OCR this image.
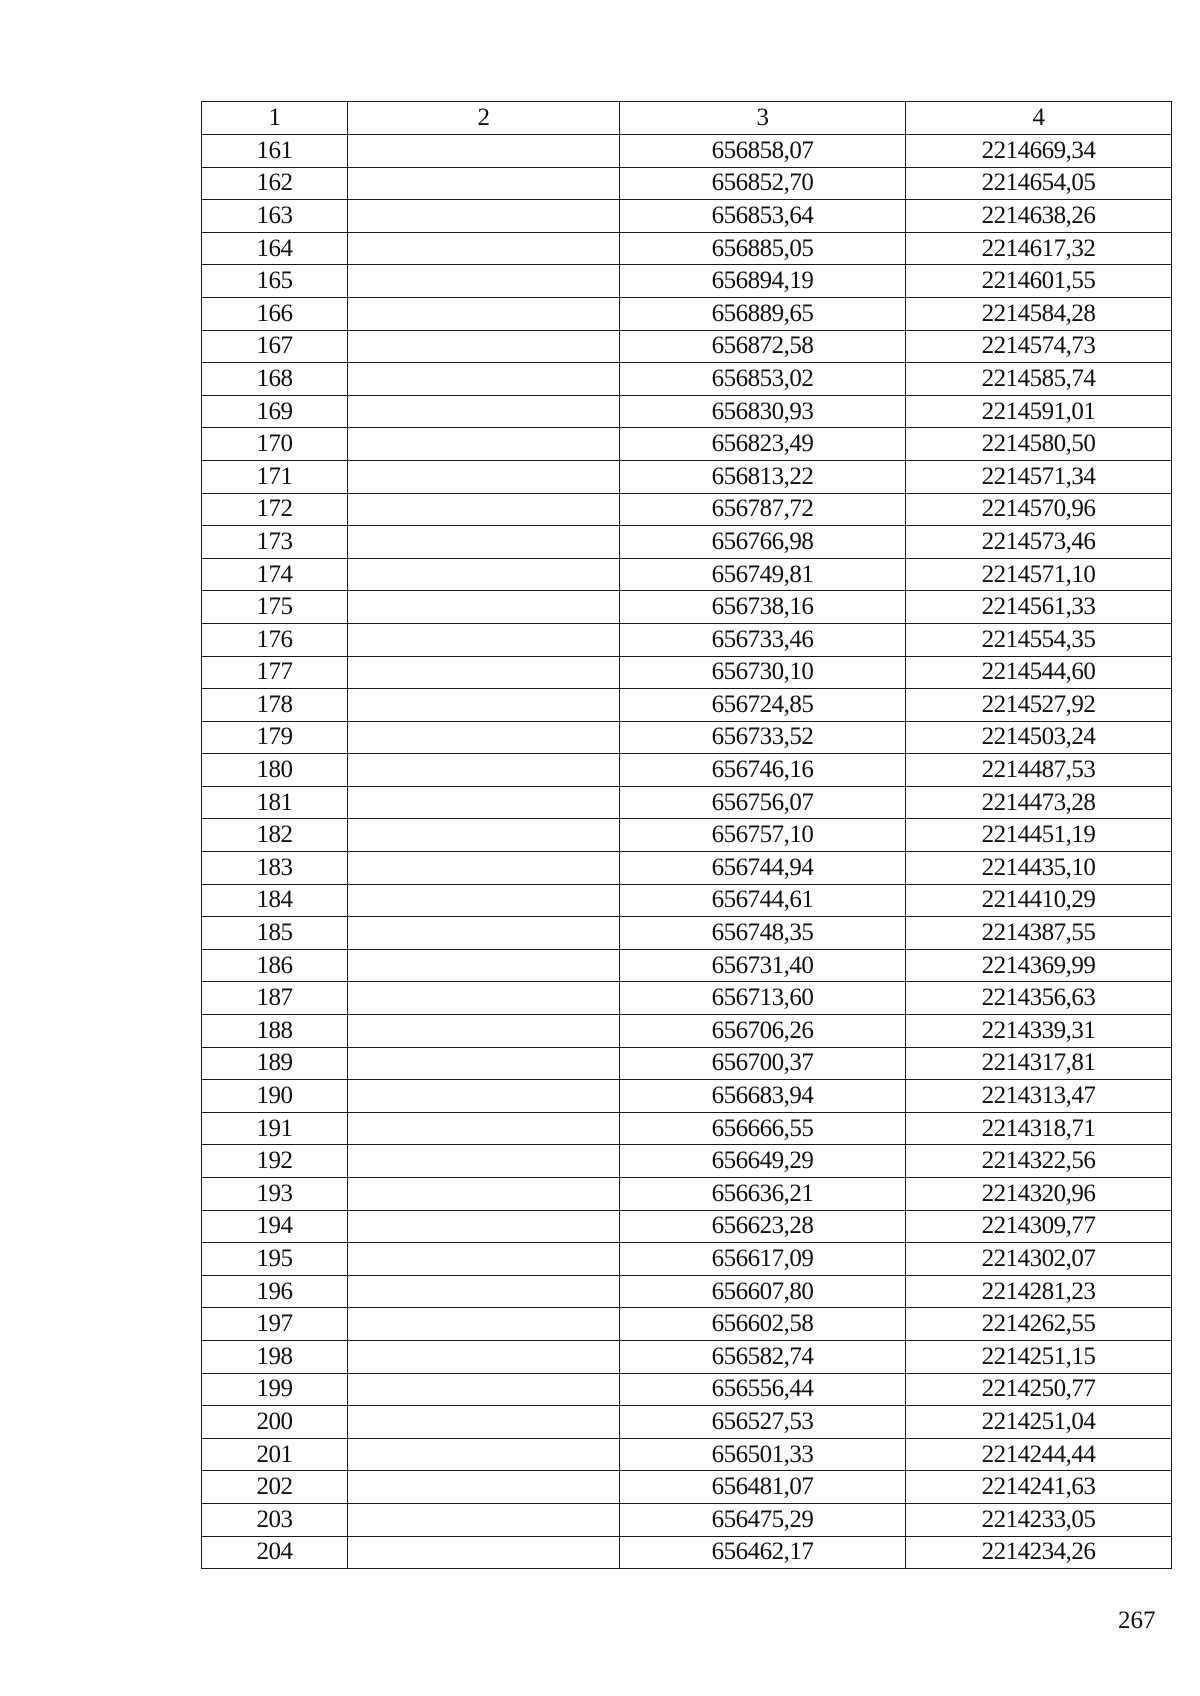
1	2	3	4
161		656858,07	2214669,34
162		656852,70	2214654,05
163		656853,64	2214638,26
164		656885,05	2214617,32
165		656894,19	2214601,55
166		656889,65	2214584,28
167		656872,58	2214574,73
168		656853,02	2214585,74
169		656830,93	2214591,01
170		656823,49	2214580,50
171		656813,22	2214571,34
172		656787,72	2214570,96
173		656766,98	2214573,46
174		656749,81	2214571,10
175		656738,16	2214561,33
176		656733,46	2214554,35
177		656730,10	2214544,60
178		656724,85	2214527,92
179		656733,52	2214503,24
180		656746,16	2214487,53
181		656756,07	2214473,28
182		656757,10	2214451,19
183		656744,94	2214435,10
184		656744,61	2214410,29
185		656748,35	2214387,55
186		656731,40	2214369,99
187		656713,60	2214356,63
188		656706,26	2214339,31
189		656700,37	2214317,81
190		656683,94	2214313,47
191		656666,55	2214318,71
192		656649,29	2214322,56
193		656636,21	2214320,96
194		656623,28	2214309,77
195		656617,09	2214302,07
196		656607,80	2214281,23
197		656602,58	2214262,55
198		656582,74	2214251,15
199		656556,44	2214250,77
200		656527,53	2214251,04
201		656501,33	2214244,44
202		656481,07	2214241,63
203		656475,29	2214233,05
204		656462,17	2214234,26
267
